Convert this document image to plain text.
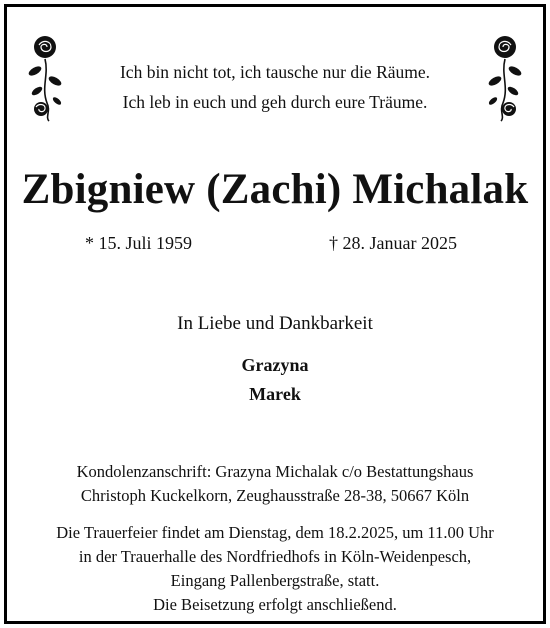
Ich bin nicht tot, ich tausche nur die Räume.
Ich leb in euch und geh durch eure Träume.
Zbigniew (Zachi) Michalak
* 15. Juli 1959	† 28. Januar 2025
In Liebe und Dankbarkeit
Grazyna
Marek
Kondolenzanschrift: Grazyna Michalak c/o Bestattungshaus
Christoph Kuckelkorn, Zeughausstraße 28-38, 50667 Köln
Die Trauerfeier findet am Dienstag, dem 18.2.2025, um 11.00 Uhr
in der Trauerhalle des Nordfriedhofs in Köln-Weidenpesch,
Eingang Pallenbergstraße, statt.
Die Beisetzung erfolgt anschließend.
